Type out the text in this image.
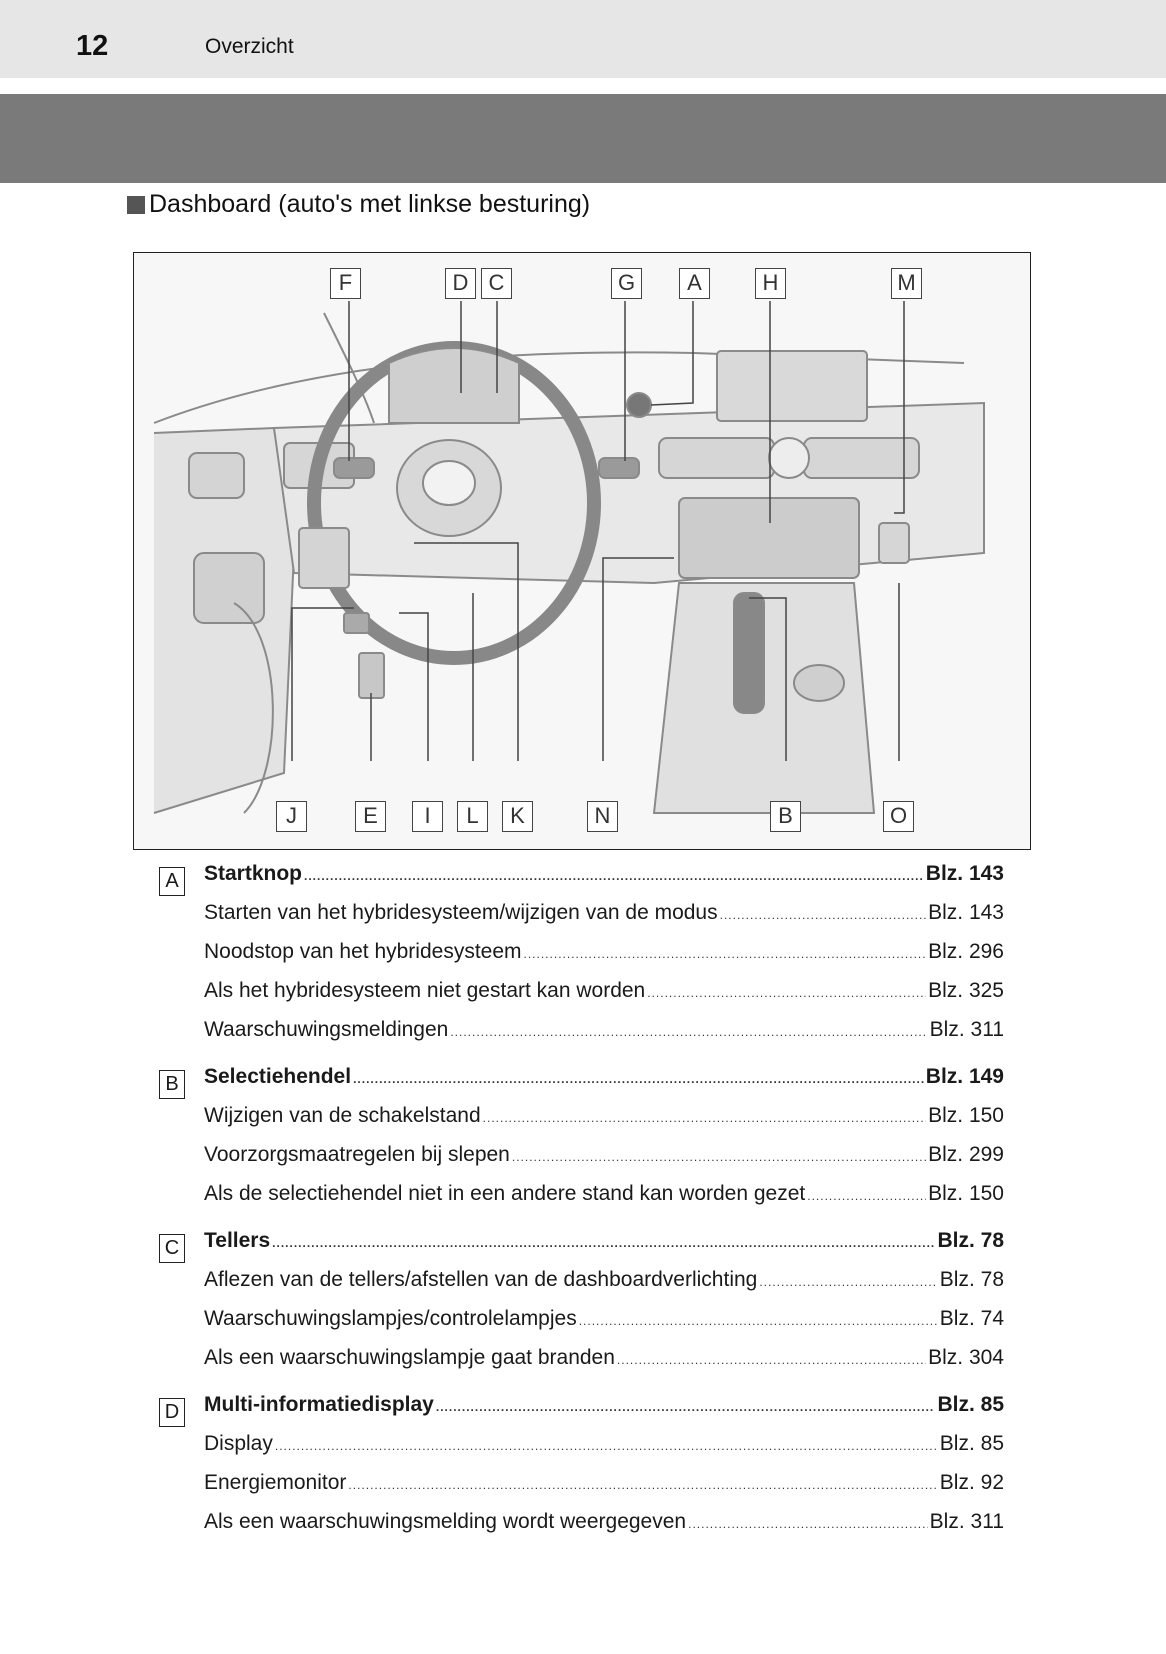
12	Overzicht
Dashboard (auto's met linkse besturing)
F	D C	G	A	H	M
J	E	I	L	K	N	B	O
A	Startknop .....	Blz. 143
Starten van het hybridesysteem/wijzigen van de modus .....	Blz. 143
Noodstop van het hybridesysteem .....	Blz. 296
Als het hybridesysteem niet gestart kan worden .....	Blz. 325
Waarschuwingsmeldingen .....	Blz. 311
B	Selectiehendel .....	Blz. 149
Wijzigen van de schakelstand .....	Blz. 150
Voorzorgsmaatregelen bij slepen .....	Blz. 299
Als de selectiehendel niet in een andere stand kan worden gezet .....	Blz. 150
C Tellers .....	Blz. 78
Aflezen van de tellers/afstellen van de dashboardverlichting .....	Blz. 78
Waarschuwingslampjes/controlelampjes .....	Blz. 74
Als een waarschuwingslampje gaat branden .....	Blz. 304
D Multi-informatiedisplay .....	Blz. 85
Display .....	Blz. 85
Energiemonitor .....	Blz. 92
Als een waarschuwingsmelding wordt weergegeven .....	Blz. 311
